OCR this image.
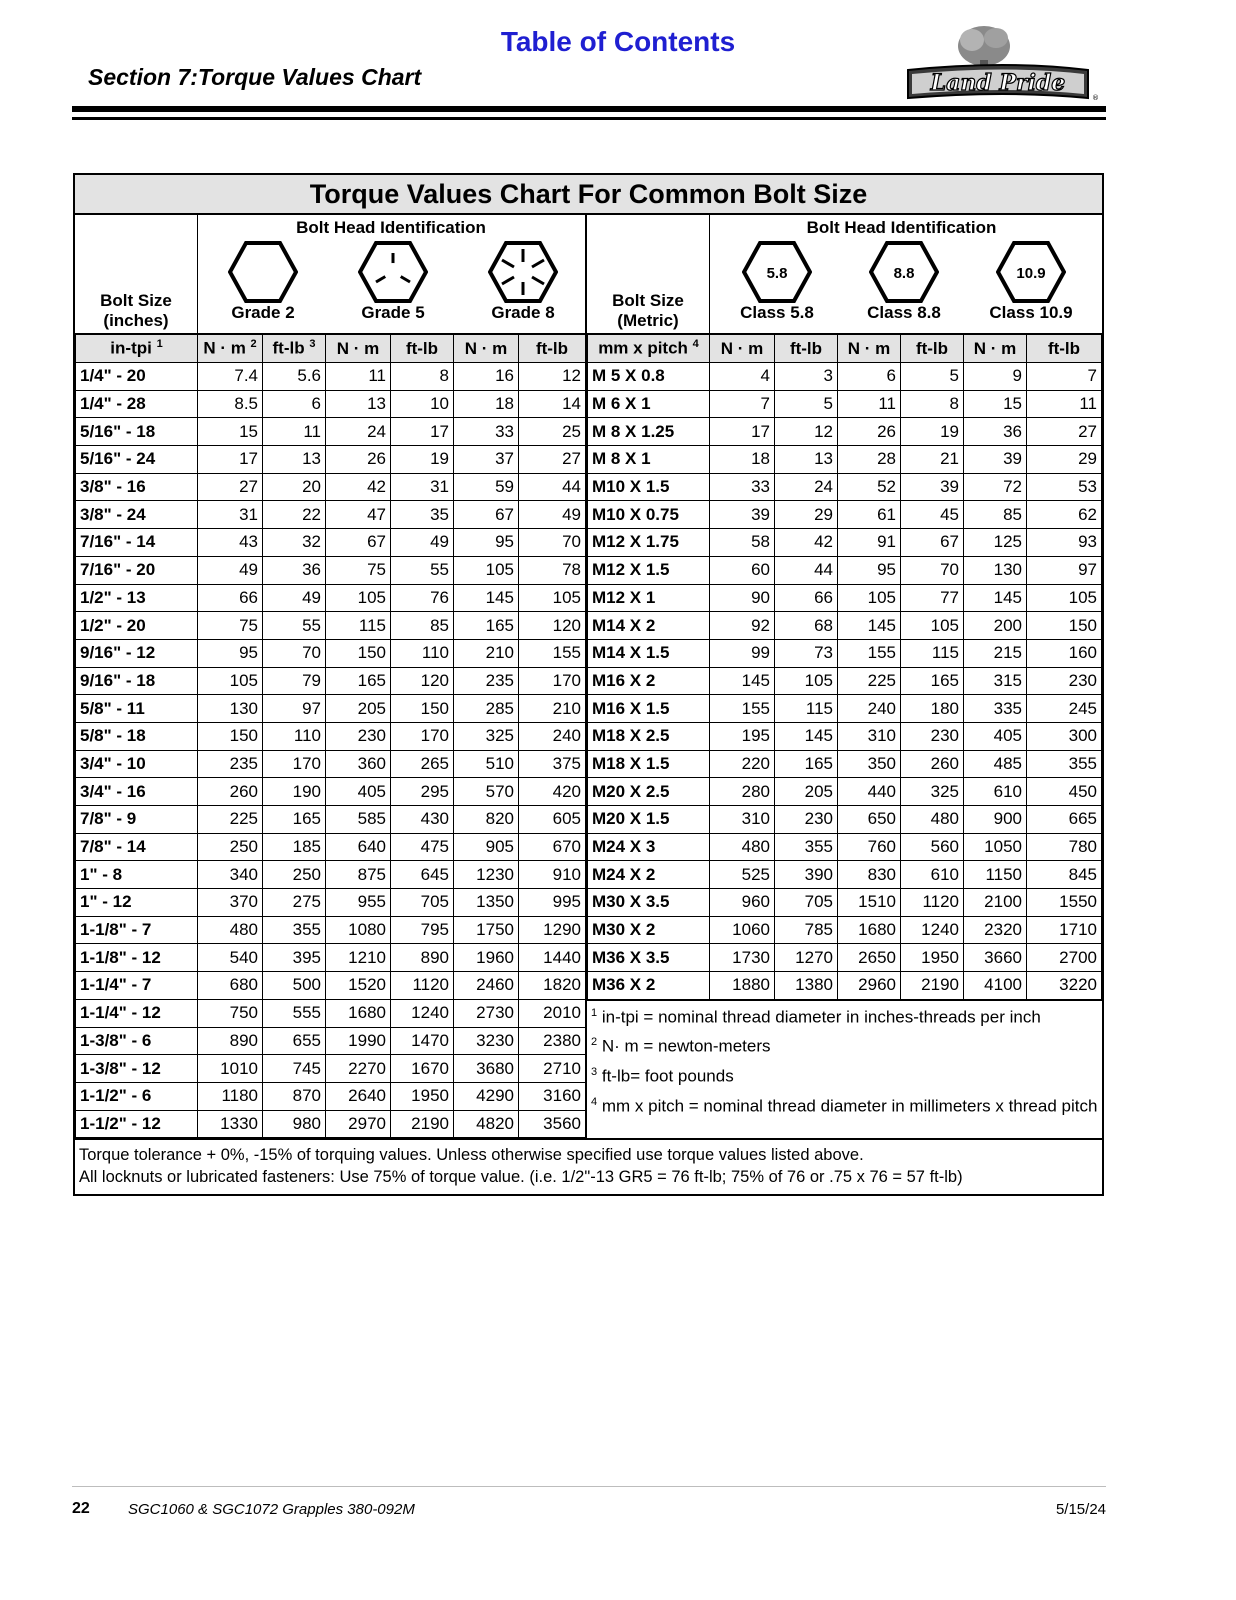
Table of Contents
Section 7:Torque Values Chart	Land Pride
®
Torque Values Chart For Common Bolt Size
Bolt Size
(inches)
Bolt Head Identification
Grade 2	Grade 5	Grade 8
in-tpi $^1$	N · m $^2$	ft-lb $^3$	N · m	ft-lb	N · m	ft-lb
1/4" - 20	7.4	5.6	11	8	16	12
1/4" - 28	8.5	6	13	10	18	14
5/16" - 18	15	11	24	17	33	25
5/16" - 24	17	13	26	19	37	27
3/8" - 16	27	20	42	31	59	44
3/8" - 24	31	22	47	35	67	49
7/16" - 14	43	32	67	49	95	70
7/16" - 20	49	36	75	55	105	78
1/2" - 13	66	49	105	76	145	105
1/2" - 20	75	55	115	85	165	120
9/16" - 12	95	70	150	110	210	155
9/16" - 18	105	79	165	120	235	170
5/8" - 11	130	97	205	150	285	210
5/8" - 18	150	110	230	170	325	240
3/4" - 10	235	170	360	265	510	375
3/4" - 16	260	190	405	295	570	420
7/8" - 9	225	165	585	430	820	605
7/8" - 14	250	185	640	475	905	670
1" - 8	340	250	875	645	1230	910
1" - 12	370	275	955	705	1350	995
1-1/8" - 7	480	355	1080	795	1750	1290
1-1/8" - 12	540	395	1210	890	1960	1440
1-1/4" - 7	680	500	1520	1120	2460	1820
1-1/4" - 12	750	555	1680	1240	2730	2010
1-3/8" - 6	890	655	1990	1470	3230	2380
1-3/8" - 12	1010	745	2270	1670	3680	2710
1-1/2" - 6	1180	870	2640	1950	4290	3160
1-1/2" - 12	1330	980	2970	2190	4820	3560
Bolt Size
(Metric)
Bolt Head Identification
5.8
Class 5.8
8.8
Class 8.8
10.9
Class 10.9
mm x pitch $^4$	N · m	ft-lb	N · m	ft-lb	N · m	ft-lb
M 5 X 0.8	4	3	6	5	9	7
M 6 X 1	7	5	11	8	15	11
M 8 X 1.25	17	12	26	19	36	27
M 8 X 1	18	13	28	21	39	29
M10 X 1.5	33	24	52	39	72	53
M10 X 0.75	39	29	61	45	85	62
M12 X 1.75	58	42	91	67	125	93
M12 X 1.5	60	44	95	70	130	97
M12 X 1	90	66	105	77	145	105
M14 X 2	92	68	145	105	200	150
M14 X 1.5	99	73	155	115	215	160
M16 X 2	145	105	225	165	315	230
M16 X 1.5	155	115	240	180	335	245
M18 X 2.5	195	145	310	230	405	300
M18 X 1.5	220	165	350	260	485	355
M20 X 2.5	280	205	440	325	610	450
M20 X 1.5	310	230	650	480	900	665
M24 X 3	480	355	760	560	1050	780
M24 X 2	525	390	830	610	1150	845
M30 X 3.5	960	705	1510	1120	2100	1550
M30 X 2	1060	785	1680	1240	2320	1710
M36 X 3.5	1730	1270	2650	1950	3660	2700
M36 X 2	1880	1380	2960	2190	4100	3220
$^1$ in-tpi = nominal thread diameter in inches-threads per inch
$^2$ N· m = newton-meters
$^3$ ft-lb= foot pounds
$^4$ mm x pitch = nominal thread diameter in millimeters x thread pitch
Torque tolerance + 0%, -15% of torquing values. Unless otherwise specified use torque values listed above.
All locknuts or lubricated fasteners: Use 75% of torque value. (i.e. 1/2"-13 GR5 = 76 ft-lb; 75% of 76 or .75 x 76 = 57 ft-lb)
22	SGC1060 & SGC1072 Grapples 380-092M	5/15/24
